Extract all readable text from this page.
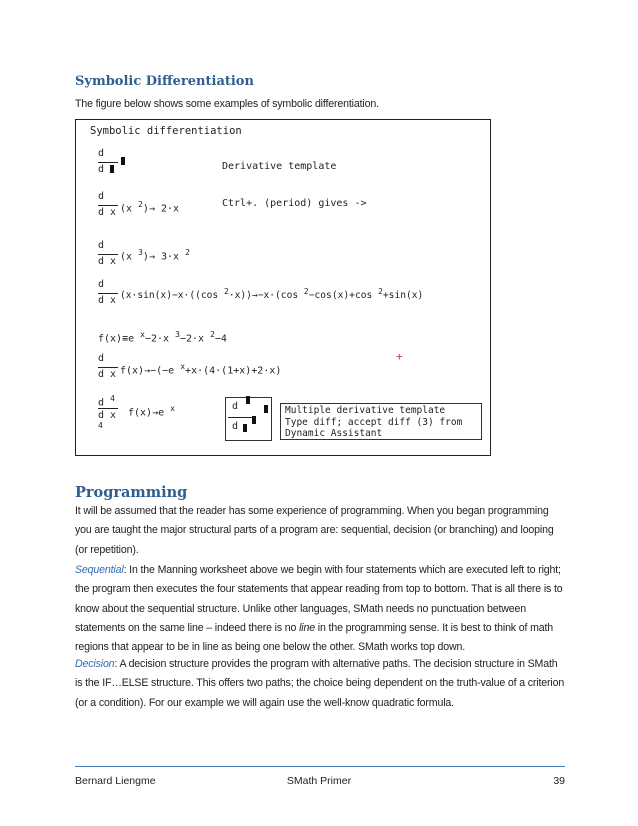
Symbolic Differentiation

The figure below shows some examples of symbolic differentiation.

Symbolic differentiation
d
d	Derivative template
d
d x (x $^2$)→ 2·x	Ctrl+. (period) gives ->
d
d x (x $^3$)→ 3·x $^2$
d
d x (x·sin(x)−x·((cos $^2$·x))→−x·(cos $^2$−cos(x)+cos $^2$+sin(x)
f(x)≡e $^x$−2·x $^3$−2·x $^2$−4
d
d x f(x)→−(−e $^x$+x·(4·(1+x)+2·x)
+
d $^4$
d x $^4$
f(x)→e $^x$	d
d
Multiple derivative template
Type diff; accept diff (3) from
Dynamic Assistant
Programming

It will be assumed that the reader has some experience of programming. When you began programming you are taught the major structural parts of a program are: sequential, decision (or branching) and looping (or repetition).

Sequential: In the Manning worksheet above we begin with four statements which are executed left to right; the program then executes the four statements that appear reading from top to bottom. That is all there is to know about the sequential structure. Unlike other languages, SMath needs no punctuation between statements on the same line – indeed there is no line in the programming sense. It is best to think of math regions that appear to be in line as being one below the other. SMath works top down.

Decision: A decision structure provides the program with alternative paths. The decision structure in SMath is the IF…ELSE structure. This offers two paths; the choice being dependent on the truth-value of a criterion (or a condition). For our example we will again use the well-know quadratic formula.

Bernard Liengme	SMath Primer	39
